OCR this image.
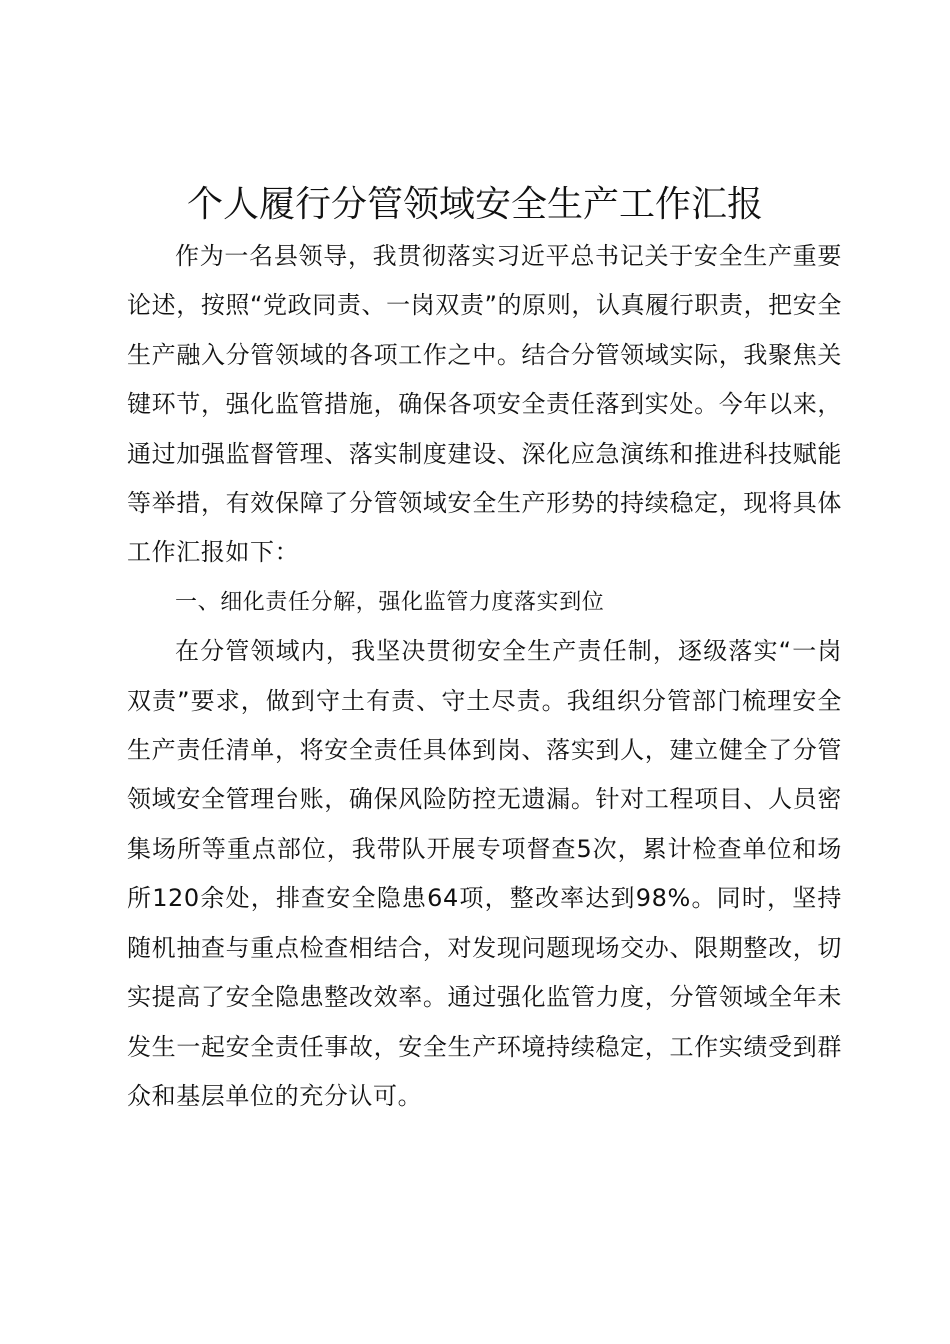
个人履行分管领域安全生产工作汇报

作为一名县领导，我贯彻落实习近平总书记关于安全生产重要论述，按照“党政同责、一岗双责”的原则，认真履行职责，把安全生产融入分管领域的各项工作之中。结合分管领域实际，我聚焦关键环节，强化监管措施，确保各项安全责任落到实处。今年以来，通过加强监督管理、落实制度建设、深化应急演练和推进科技赋能等举措，有效保障了分管领域安全生产形势的持续稳定，现将具体工作汇报如下：

一、细化责任分解，强化监管力度落实到位

在分管领域内，我坚决贯彻安全生产责任制，逐级落实“一岗双责”要求，做到守土有责、守土尽责。我组织分管部门梳理安全生产责任清单，将安全责任具体到岗、落实到人，建立健全了分管领域安全管理台账，确保风险防控无遗漏。针对工程项目、人员密集场所等重点部位，我带队开展专项督查5次，累计检查单位和场所120余处，排查安全隐患64项，整改率达到98%。同时，坚持随机抽查与重点检查相结合，对发现问题现场交办、限期整改，切实提高了安全隐患整改效率。通过强化监管力度，分管领域全年未发生一起安全责任事故，安全生产环境持续稳定，工作实绩受到群众和基层单位的充分认可。
